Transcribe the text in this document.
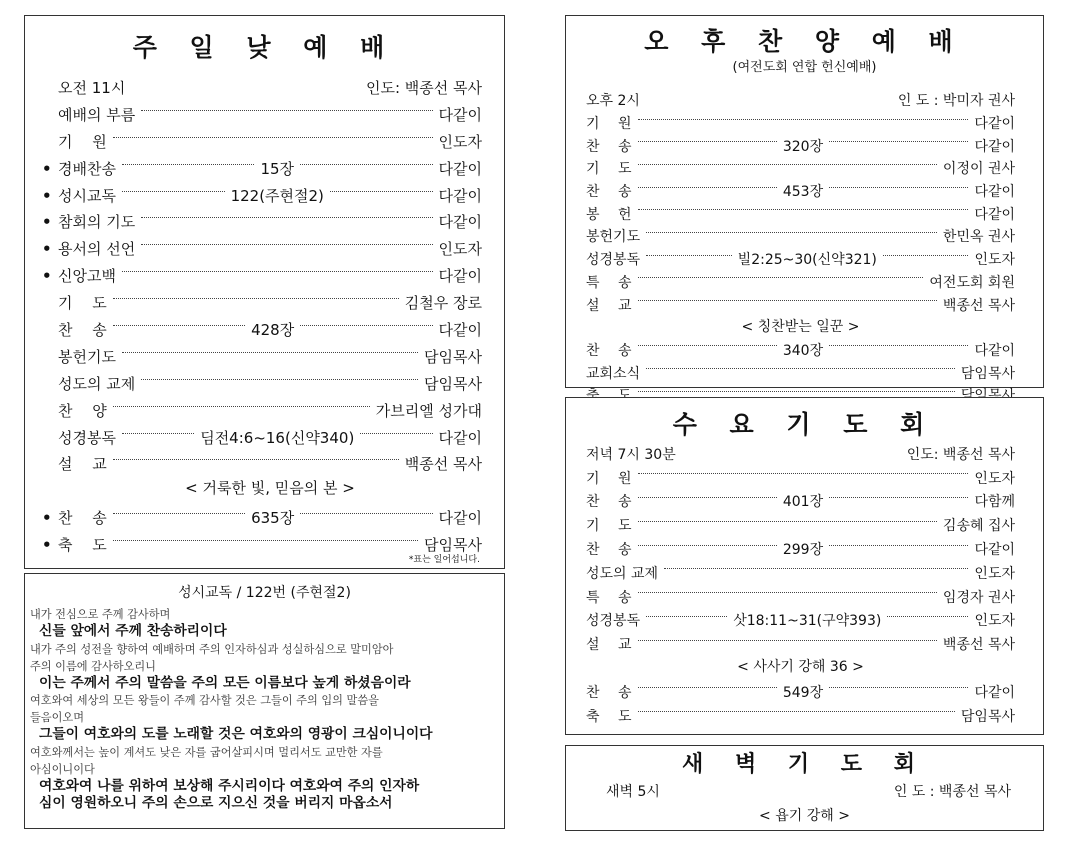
주 일 낮 예 배
오전 11시	인도: 백종선 목사
예배의 부름	다같이
기　 원	인도자
• 경배찬송	15장	다같이
• 성시교독	122(주현절2)	다같이
• 참회의 기도	다같이
• 용서의 선언	인도자
• 신앙고백	다같이
기　 도	김철우 장로
찬　 송	428장	다같이
봉헌기도	담임목사
성도의 교제	담임목사
찬　 양	가브리엘 성가대
성경봉독	딤전4:6~16(신약340)	다같이
설　 교	백종선 목사
< 거룩한 빛, 믿음의 본 >
• 찬　 송	635장	다같이
• 축　 도	담임목사
*표는 일어섭니다.
성시교독 / 122번 (주현절2)
내가 전심으로 주께 감사하며
신들 앞에서 주께 찬송하리이다
내가 주의 성전을 향하여 예배하며 주의 인자하심과 성실하심으로 말미암아
주의 이름에 감사하오리니
이는 주께서 주의 말씀을 주의 모든 이름보다 높게 하셨음이라
여호와여 세상의 모든 왕들이 주께 감사할 것은 그들이 주의 입의 말씀을
들음이오며
그들이 여호와의 도를 노래할 것은 여호와의 영광이 크심이니이다
여호와께서는 높이 계셔도 낮은 자를 굽어살피시며 멀리서도 교만한 자를
아심이니이다
여호와여 나를 위하여 보상해 주시리이다 여호와여 주의 인자하
심이 영원하오니 주의 손으로 지으신 것을 버리지 마옵소서
오 후 찬 양 예 배
(여전도회 연합 헌신예배)
오후 2시	인 도 : 박미자 권사
기　 원	다같이
찬　 송	320장	다같이
기　 도	이정이 권사
찬　 송	453장	다같이
봉　 헌	다같이
봉헌기도	한민옥 권사
성경봉독	빌2:25~30(신약321)	인도자
특　 송	여전도회 회원
설　 교	백종선 목사
< 칭찬받는 일꾼 >
찬　 송	340장	다같이
교회소식	담임목사
수 요 기 도 회
저녁 7시 30분	인도: 백종선 목사
기　 원	인도자
찬　 송	401장	다함께
기　 도	김송혜 집사
찬　 송	299장	다같이
성도의 교제	인도자
특　 송	임경자 권사
성경봉독	삿18:11~31(구약393)	인도자
설　 교	백종선 목사
< 사사기 강해 36 >
찬　 송	549장	다같이
축　 도	담임목사
새 벽 기 도 회
새벽 5시	인 도 : 백종선 목사
< 욥기 강해 >
